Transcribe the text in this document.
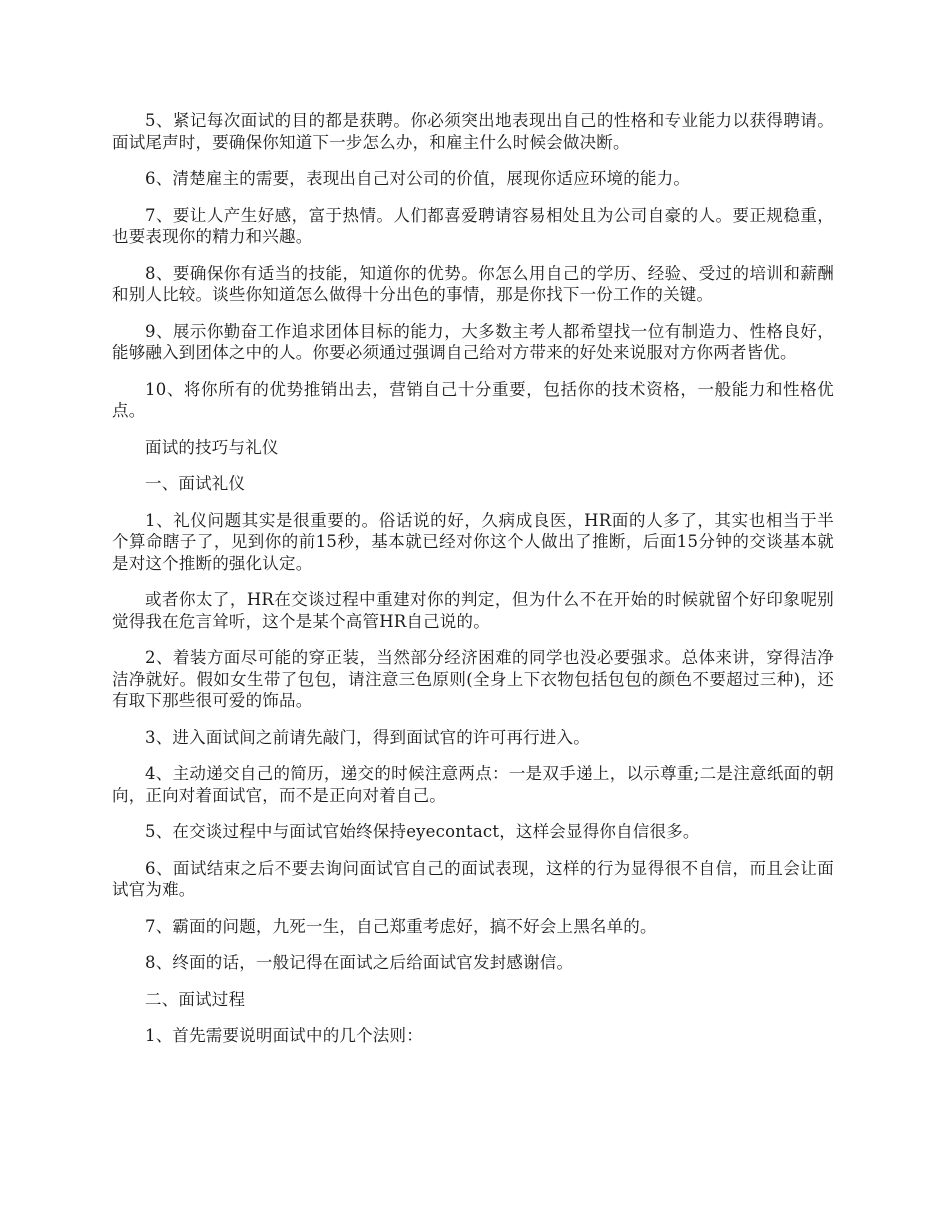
5、紧记每次面试的目的都是获聘。你必须突出地表现出自己的性格和专业能力以获得聘请。面试尾声时，要确保你知道下一步怎么办，和雇主什么时候会做决断。

6、清楚雇主的需要，表现出自己对公司的价值，展现你适应环境的能力。

7、要让人产生好感，富于热情。人们都喜爱聘请容易相处且为公司自豪的人。要正规稳重，也要表现你的精力和兴趣。

8、要确保你有适当的技能，知道你的优势。你怎么用自己的学历、经验、受过的培训和薪酬和别人比较。谈些你知道怎么做得十分出色的事情，那是你找下一份工作的关键。

9、展示你勤奋工作追求团体目标的能力，大多数主考人都希望找一位有制造力、性格良好，能够融入到团体之中的人。你要必须通过强调自己给对方带来的好处来说服对方你两者皆优。

10、将你所有的优势推销出去，营销自己十分重要，包括你的技术资格，一般能力和性格优点。

面试的技巧与礼仪

一、面试礼仪

1、礼仪问题其实是很重要的。俗话说的好，久病成良医，HR面的人多了，其实也相当于半个算命瞎子了，见到你的前15秒，基本就已经对你这个人做出了推断，后面15分钟的交谈基本就是对这个推断的强化认定。

或者你太了，HR在交谈过程中重建对你的判定，但为什么不在开始的时候就留个好印象呢别觉得我在危言耸听，这个是某个高管HR自己说的。

2、着装方面尽可能的穿正装，当然部分经济困难的同学也没必要强求。总体来讲，穿得洁净洁净就好。假如女生带了包包，请注意三色原则(全身上下衣物包括包包的颜色不要超过三种)，还有取下那些很可爱的饰品。

3、进入面试间之前请先敲门，得到面试官的许可再行进入。

4、主动递交自己的简历，递交的时候注意两点：一是双手递上，以示尊重;二是注意纸面的朝向，正向对着面试官，而不是正向对着自己。

5、在交谈过程中与面试官始终保持eyecontact，这样会显得你自信很多。

6、面试结束之后不要去询问面试官自己的面试表现，这样的行为显得很不自信，而且会让面试官为难。

7、霸面的问题，九死一生，自己郑重考虑好，搞不好会上黑名单的。

8、终面的话，一般记得在面试之后给面试官发封感谢信。

二、面试过程

1、首先需要说明面试中的几个法则：
